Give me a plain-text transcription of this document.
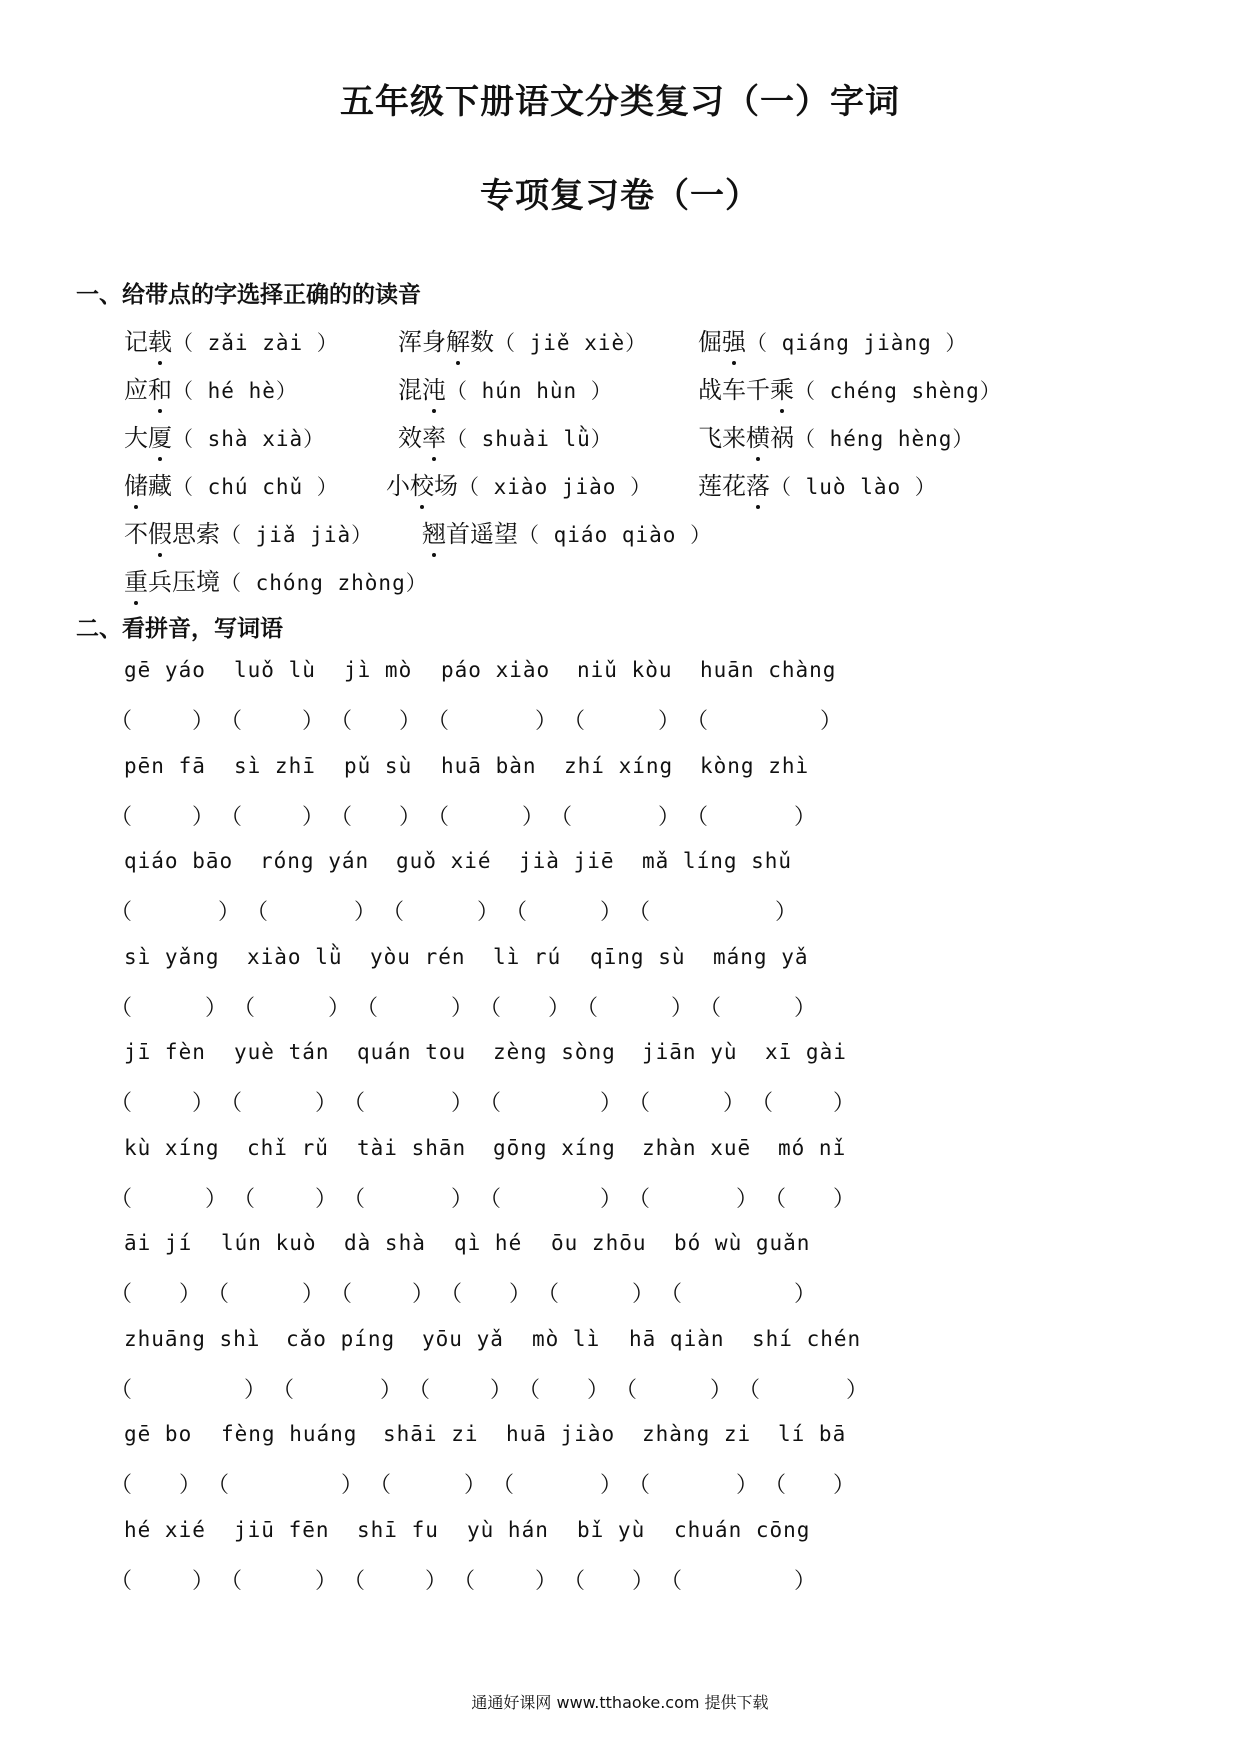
五年级下册语文分类复习（一）字词
专项复习卷（一）
一、给带点的字选择正确的的读音
记载（ zǎi zài ） 浑身解数（ jiě xiè） 倔强（ qiáng jiàng ）
应和（ hé hè）	混沌（ hún hùn ）	战车千乘（ chéng shèng）
大厦（ shà xià）	效率（ shuài lǜ）	飞来横祸（ héng hèng）
储藏（ chú chǔ ） 小校场（ xiào jiào ） 莲花落（ luò lào ）
不假思索（ jiǎ jià） 翘首遥望（ qiáo qiào ）
重兵压境（ chóng zhòng）
二、看拼音，写词语
gē yáo luǒ lù jì mò páo xiào niǔ kòu huān chàng
（	） （	） （ ） （	） （	） （	）
pēn fā sì zhī pǔ sù huā bàn zhí xíng kòng zhì
（	） （	） （ ） （	） （	） （	）
qiáo bāo róng yán guǒ xié jià jiē mǎ líng shǔ
（	） （	） （	） （	） （	）
sì yǎng xiào lǜ yòu rén lì rú qīng sù máng yǎ
（	） （	） （	） （ ） （	） （	）
jī fèn yuè tán quán tou zèng sòng jiān yù xī gài
（	） （	） （	） （	） （	） （	）
kù xíng chǐ rǔ tài shān gōng xíng zhàn xuē mó nǐ
（	） （	） （	） （	） （	） （ ）
āi jí lún kuò dà shà qì hé ōu zhōu bó wù guǎn
（ ） （	） （	） （ ） （	） （	）
zhuāng shì cǎo píng yōu yǎ mò lì hā qiàn shí chén
（	） （	） （	） （ ） （	） （	）
gē bo fèng huáng shāi zi huā jiào zhàng zi lí bā
（ ） （	） （	） （	） （	） （ ）
hé xié jiū fēn shī fu yù hán bǐ yù chuán cōng
（	） （	） （	） （	） （ ） （	）
通通好课网 www.tthaoke.com 提供下载
